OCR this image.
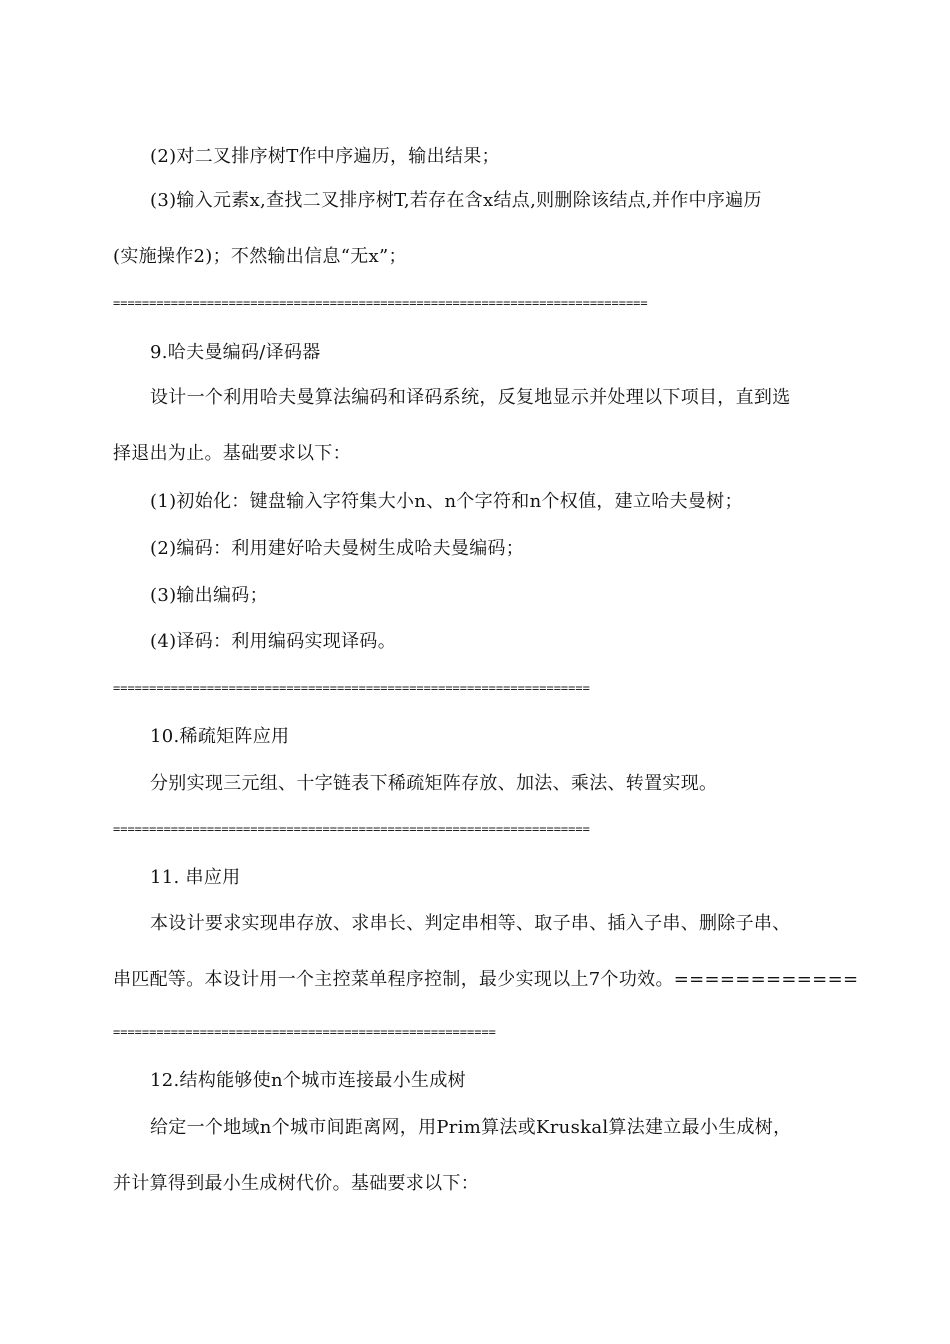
(2)对二叉排序树T作中序遍历，输出结果；
(3)输入元素x,查找二叉排序树T,若存在含x结点,则删除该结点,并作中序遍历
(实施操作2)；不然输出信息“无x”；
==========================================================================
9.哈夫曼编码/译码器
设计一个利用哈夫曼算法编码和译码系统，反复地显示并处理以下项目，直到选
择退出为止。基础要求以下：
(1)初始化：键盘输入字符集大小n、n个字符和n个权值，建立哈夫曼树；
(2)编码：利用建好哈夫曼树生成哈夫曼编码；
(3)输出编码；
(4)译码：利用编码实现译码。
==================================================================
10.稀疏矩阵应用
分别实现三元组、十字链表下稀疏矩阵存放、加法、乘法、转置实现。
==================================================================
11. 串应用
本设计要求实现串存放、求串长、判定串相等、取子串、插入子串、删除子串、
串匹配等。本设计用一个主控菜单程序控制，最少实现以上7个功效。============
=====================================================
12.结构能够使n个城市连接最小生成树
给定一个地域n个城市间距离网，用Prim算法或Kruskal算法建立最小生成树，
并计算得到最小生成树代价。基础要求以下：
